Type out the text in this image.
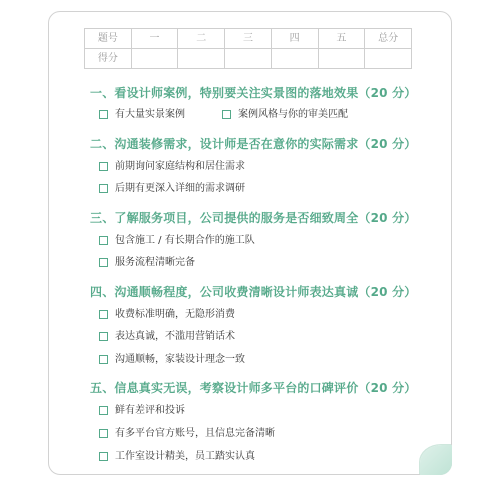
题号	一	二	三	四	五	总分
得分						
一、看设计师案例，特别要关注实景图的落地效果（20 分）
有大量实景案例	案例风格与你的审美匹配
二、沟通装修需求，设计师是否在意你的实际需求（20 分）
前期询问家庭结构和居住需求
后期有更深入详细的需求调研
三、了解服务项目，公司提供的服务是否细致周全（20 分）
包含施工 / 有长期合作的施工队
服务流程清晰完备
四、沟通顺畅程度，公司收费清晰设计师表达真诚（20 分）
收费标准明确，无隐形消费
表达真诚，不滥用营销话术
沟通顺畅，家装设计理念一致
五、信息真实无误，考察设计师多平台的口碑评价（20 分）
鲜有差评和投诉
有多平台官方账号，且信息完备清晰
工作室设计精美，员工踏实认真
